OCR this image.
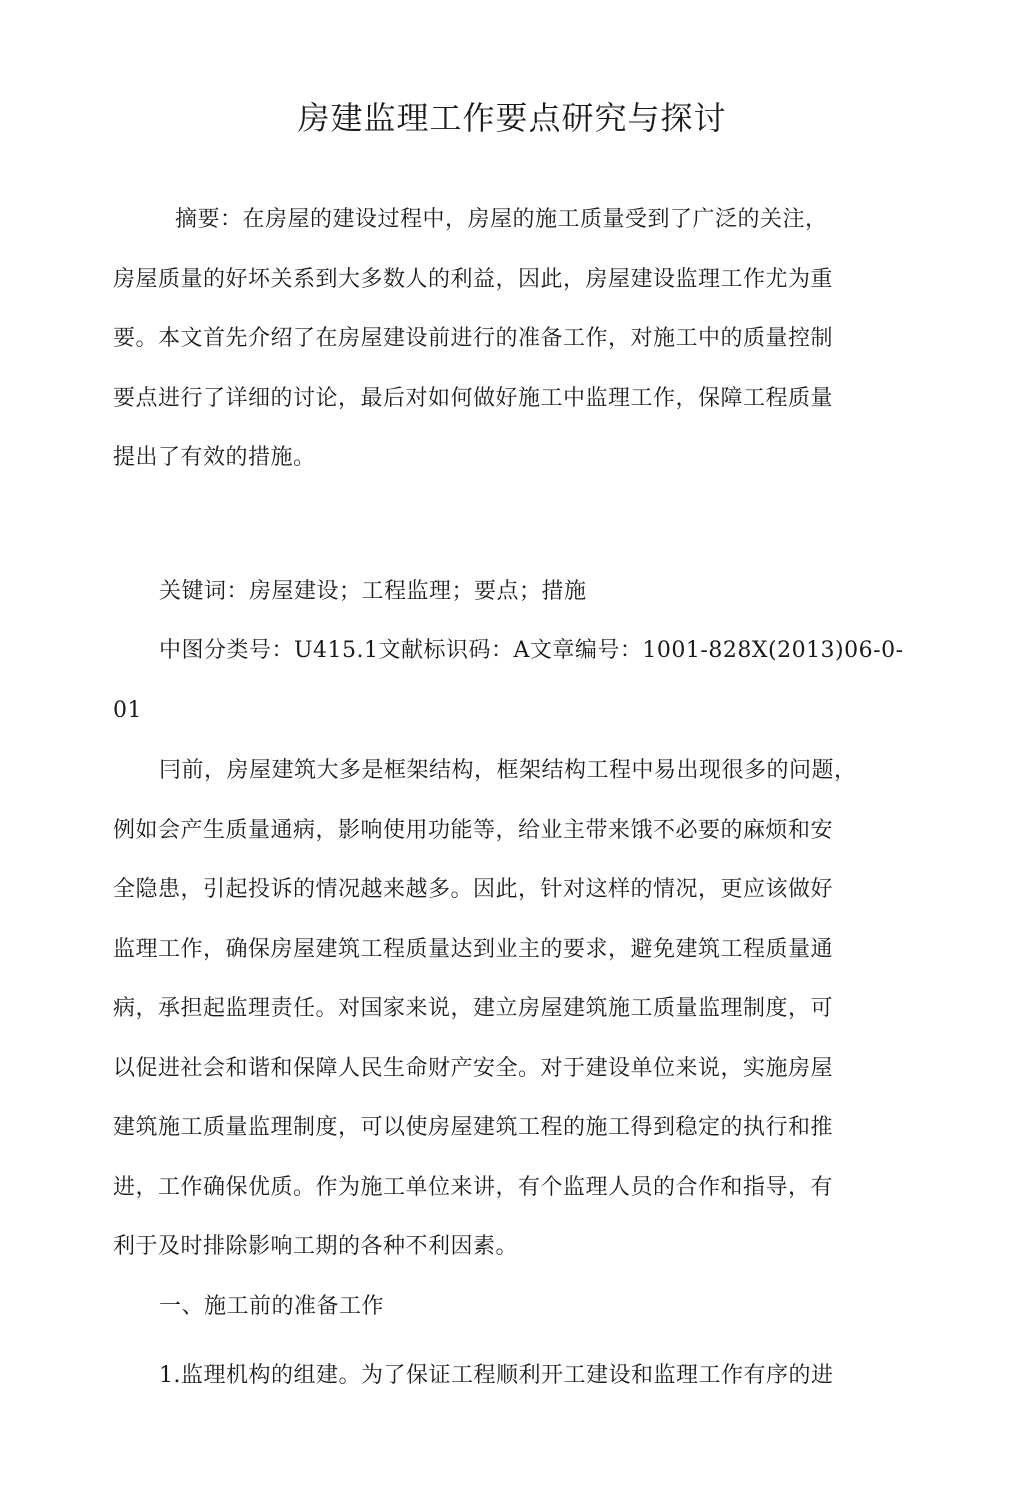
房建监理工作要点研究与探讨
摘要：在房屋的建设过程中，房屋的施工质量受到了广泛的关注，
房屋质量的好坏关系到大多数人的利益，因此，房屋建设监理工作尤为重
要。本文首先介绍了在房屋建设前进行的准备工作，对施工中的质量控制
要点进行了详细的讨论，最后对如何做好施工中监理工作，保障工程质量
提出了有效的措施。
关键词：房屋建设；工程监理；要点；措施
中图分类号：U415.1文献标识码：A文章编号：1001-828X(2013)06-0-
01
冃前，房屋建筑大多是框架结构，框架结构工程中易出现很多的问题，
例如会产生质量通病，影响使用功能等，给业主带来饿不必要的麻烦和安
全隐患，引起投诉的情况越来越多。因此，针对这样的情况，更应该做好
监理工作，确保房屋建筑工程质量达到业主的要求，避免建筑工程质量通
病，承担起监理责任。对国家来说，建立房屋建筑施工质量监理制度，可
以促进社会和谐和保障人民生命财产安全。对于建设单位来说，实施房屋
建筑施工质量监理制度，可以使房屋建筑工程的施工得到稳定的执行和推
进，工作确保优质。作为施工单位来讲，有个监理人员的合作和指导，有
利于及时排除影响工期的各种不利因素。
一、施工前的准备工作
1.监理机构的组建。为了保证工程顺利开工建设和监理工作有序的进
